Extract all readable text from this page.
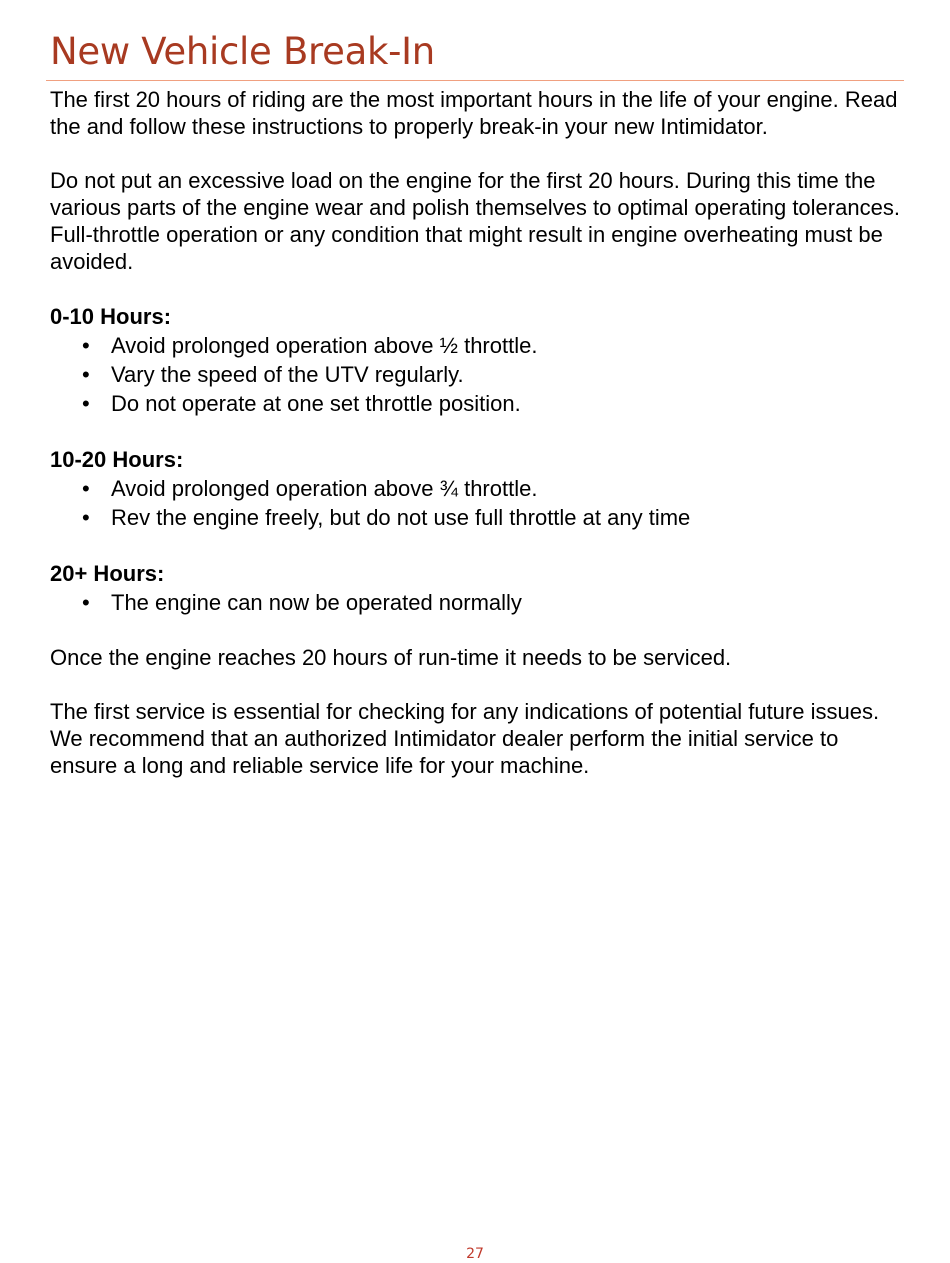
New Vehicle Break-In

The first 20 hours of riding are the most important hours in the life of your engine. Read the and follow these instructions to properly break-in your new Intimidator.

Do not put an excessive load on the engine for the first 20 hours. During this time the various parts of the engine wear and polish themselves to optimal operating tolerances. Full-throttle operation or any condition that might result in engine overheating must be avoided.

0-10 Hours:

• Avoid prolonged operation above ½ throttle.
• Vary the speed of the UTV regularly.
• Do not operate at one set throttle position.

10-20 Hours:

• Avoid prolonged operation above ¾ throttle.
• Rev the engine freely, but do not use full throttle at any time

20+ Hours:

• The engine can now be operated normally

Once the engine reaches 20 hours of run-time it needs to be serviced.

The first service is essential for checking for any indications of potential future issues. We recommend that an authorized Intimidator dealer perform the initial service to ensure a long and reliable service life for your machine.

27
